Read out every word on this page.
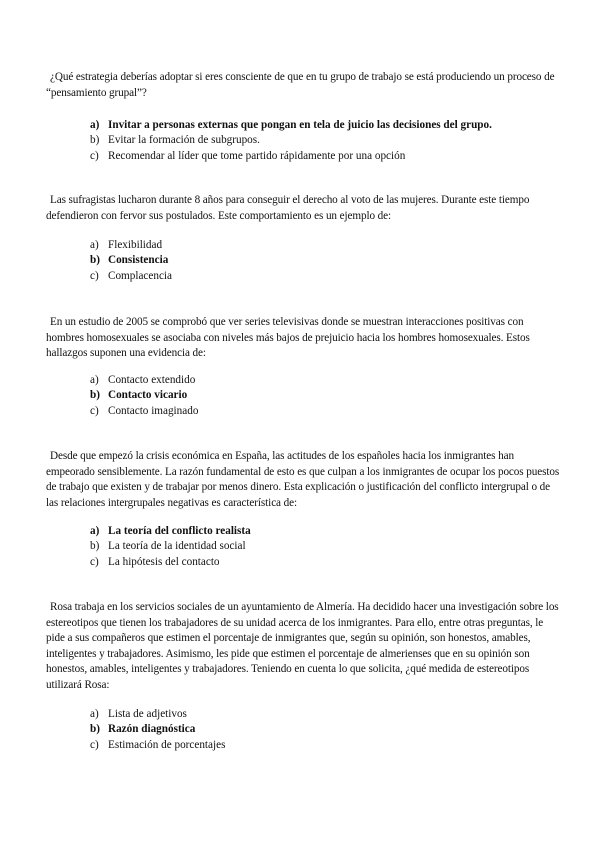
¿Qué estrategia deberías adoptar si eres consciente de que en tu grupo de trabajo se está produciendo un proceso de “pensamiento grupal”?

a) Invitar a personas externas que pongan en tela de juicio las decisiones del grupo.
b) Evitar la formación de subgrupos.
c) Recomendar al líder que tome partido rápidamente por una opción

Las sufragistas lucharon durante 8 años para conseguir el derecho al voto de las mujeres. Durante este tiempo defendieron con fervor sus postulados. Este comportamiento es un ejemplo de:

a) Flexibilidad
b) Consistencia
c) Complacencia

En un estudio de 2005 se comprobó que ver series televisivas donde se muestran interacciones positivas con hombres homosexuales se asociaba con niveles más bajos de prejuicio hacia los hombres homosexuales. Estos hallazgos suponen una evidencia de:

a) Contacto extendido
b) Contacto vicario
c) Contacto imaginado

Desde que empezó la crisis económica en España, las actitudes de los españoles hacia los inmigrantes han empeorado sensiblemente. La razón fundamental de esto es que culpan a los inmigrantes de ocupar los pocos puestos de trabajo que existen y de trabajar por menos dinero. Esta explicación o justificación del conflicto intergrupal o de las relaciones intergrupales negativas es característica de:

a) La teoría del conflicto realista
b) La teoría de la identidad social
c) La hipótesis del contacto

Rosa trabaja en los servicios sociales de un ayuntamiento de Almería. Ha decidido hacer una investigación sobre los estereotipos que tienen los trabajadores de su unidad acerca de los inmigrantes. Para ello, entre otras preguntas, le pide a sus compañeros que estimen el porcentaje de inmigrantes que, según su opinión, son honestos, amables, inteligentes y trabajadores. Asimismo, les pide que estimen el porcentaje de almerienses que en su opinión son honestos, amables, inteligentes y trabajadores. Teniendo en cuenta lo que solicita, ¿qué medida de estereotipos utilizará Rosa:

a) Lista de adjetivos
b) Razón diagnóstica
c) Estimación de porcentajes
